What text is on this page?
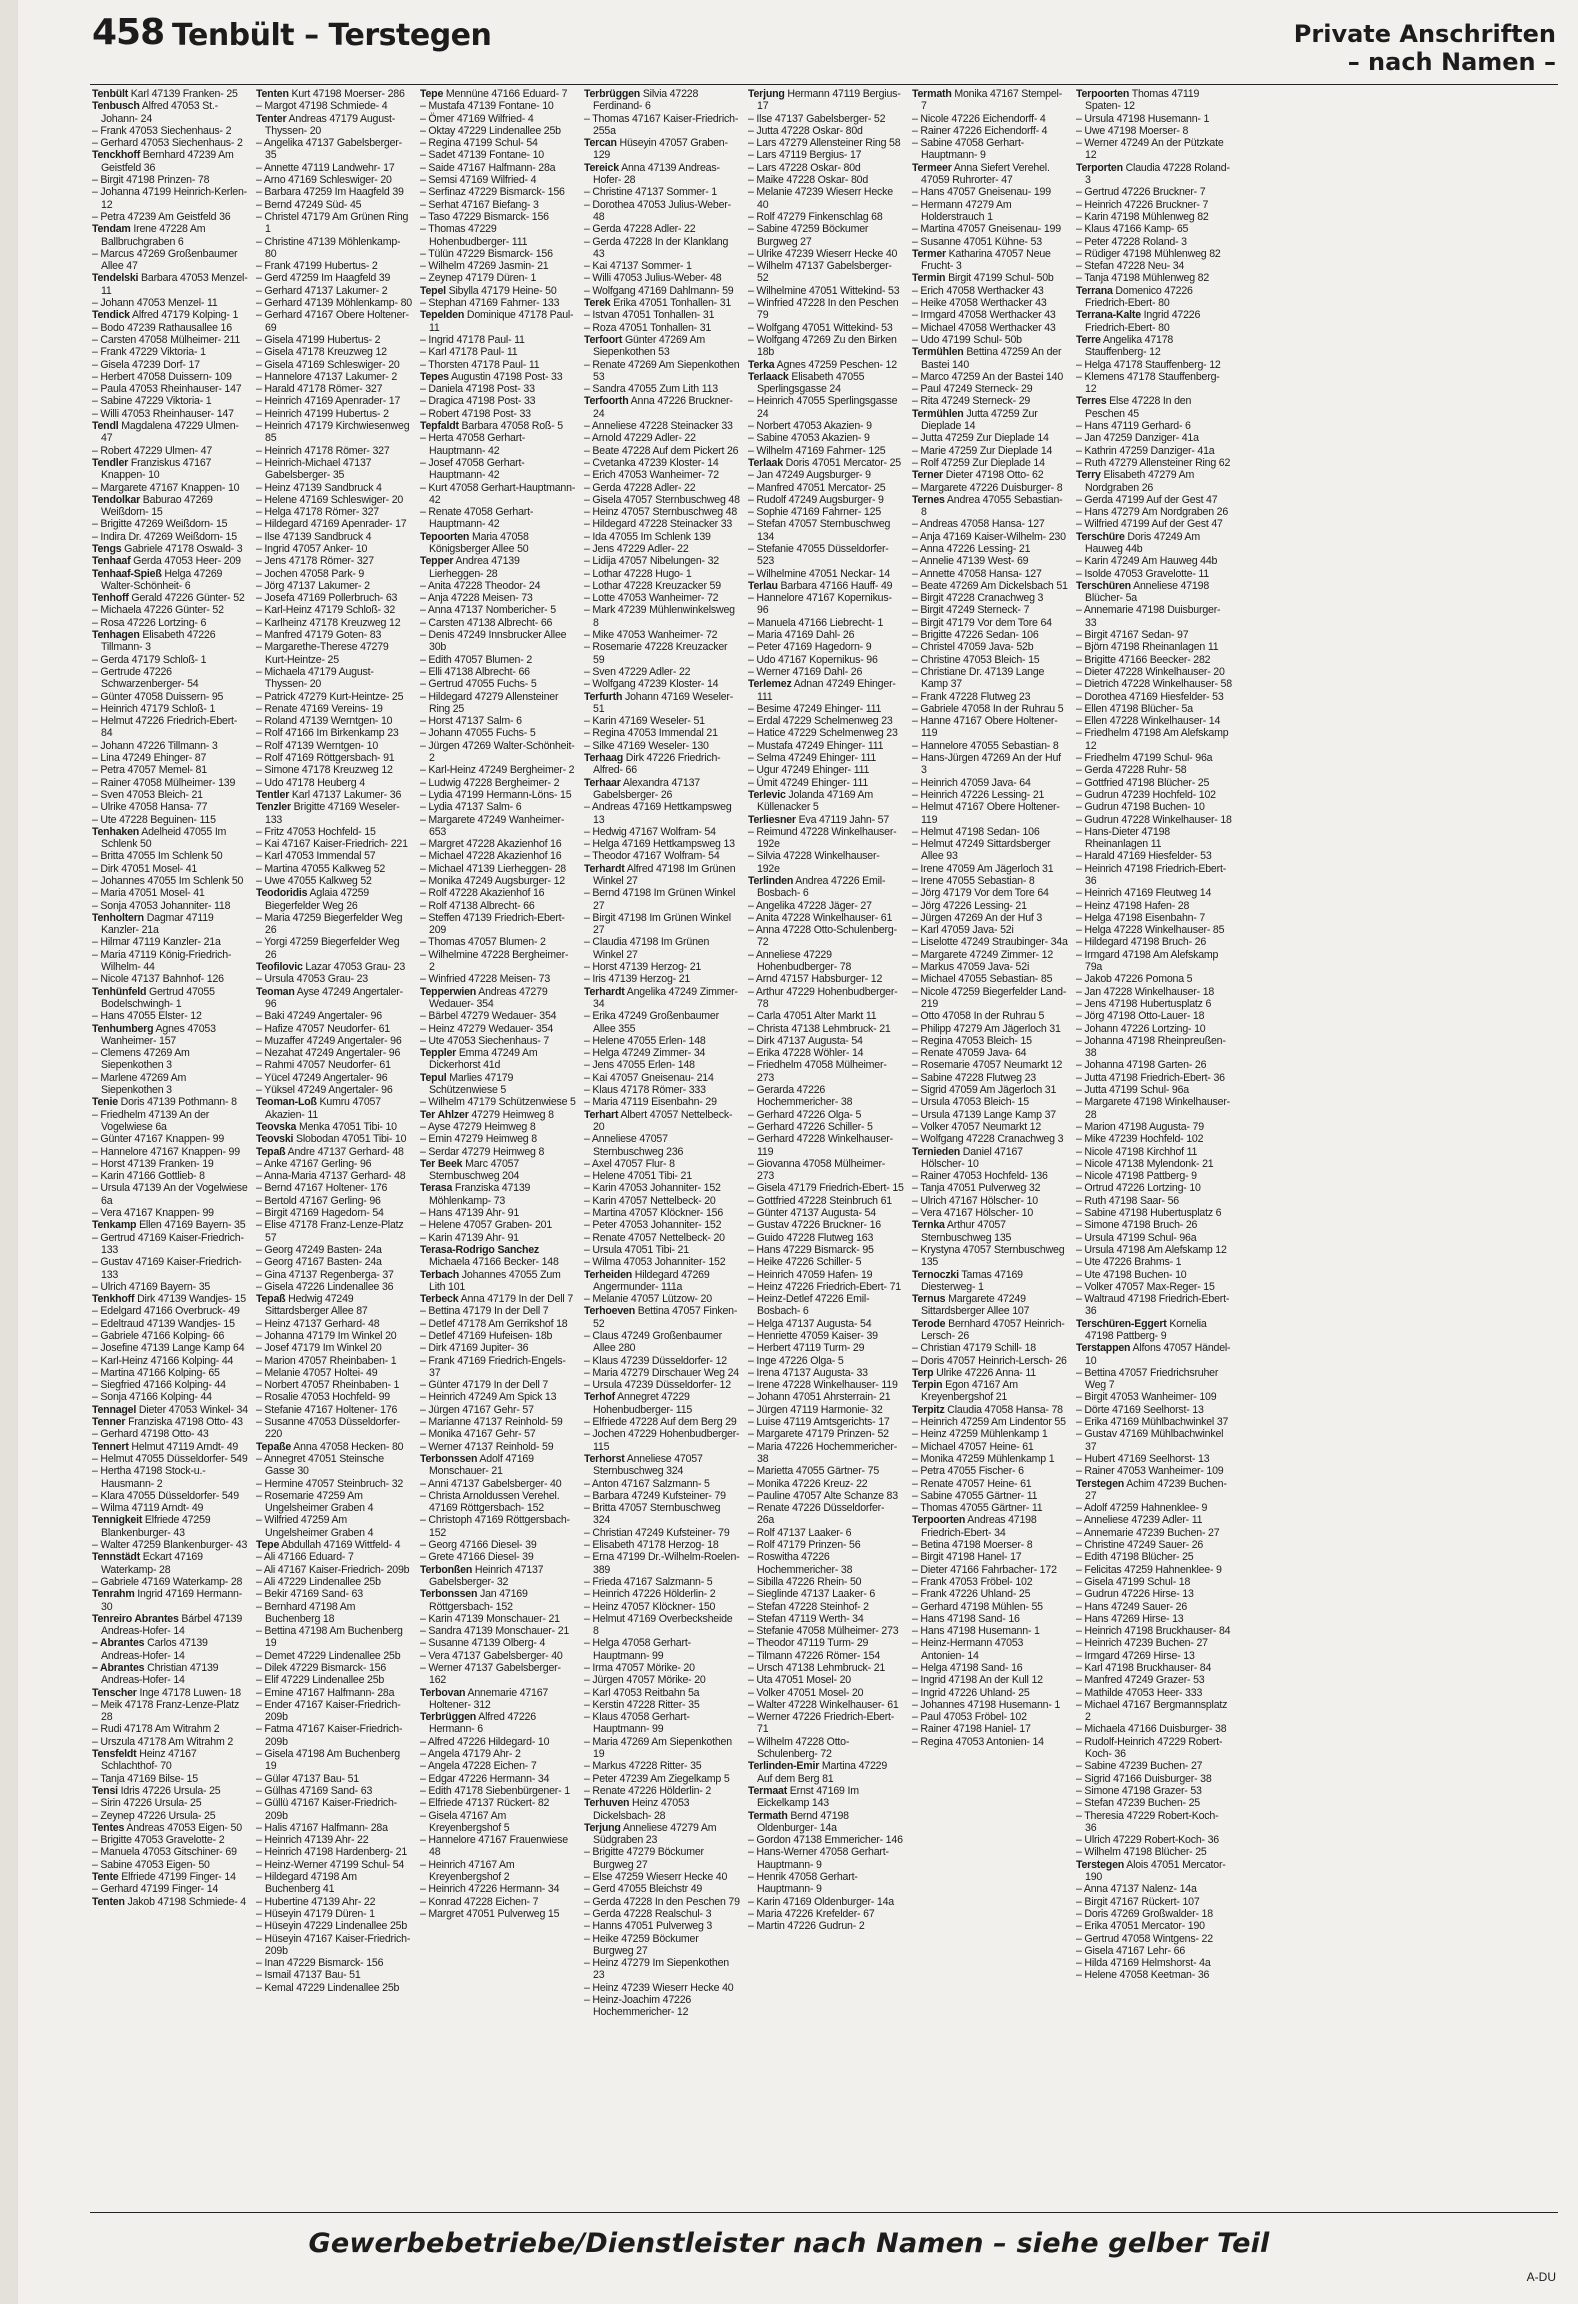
458 Tenbült – Terstegen	Private Anschriften
– nach Namen –

Tenbült Karl 47139 Franken- 25

Tenbusch Alfred 47053 St.-Johann- 24

– Frank 47053 Siechenhaus- 2

– Gerhard 47053 Siechenhaus- 2

Tenckhoff Bernhard 47239 Am Geistfeld 36

– Birgit 47198 Prinzen- 78

– Johanna 47199 Heinrich-Kerlen- 12

– Petra 47239 Am Geistfeld 36

Tendam Irene 47228 Am Ballbruchgraben 6

– Marcus 47269 Großenbaumer Allee 47

Tendelski Barbara 47053 Menzel- 11

– Johann 47053 Menzel- 11

Tendick Alfred 47179 Kolping- 1

– Bodo 47239 Rathausallee 16

– Carsten 47058 Mülheimer- 211

– Frank 47229 Viktoria- 1

– Gisela 47239 Dorf- 17

– Herbert 47058 Duissern- 109

– Paula 47053 Rheinhauser- 147

– Sabine 47229 Viktoria- 1

– Willi 47053 Rheinhauser- 147

Tendl Magdalena 47229 Ulmen- 47

– Robert 47229 Ulmen- 47

Tendler Franziskus 47167 Knappen- 10

– Margarete 47167 Knappen- 10

Tendolkar Baburao 47269 Weißdorn- 15

– Brigitte 47269 Weißdorn- 15

– Indira Dr. 47269 Weißdorn- 15

Tengs Gabriele 47178 Oswald- 3

Tenhaaf Gerda 47053 Heer- 209

Tenhaaf-Spieß Helga 47269 Walter-Schönheit- 6

Tenhoff Gerald 47226 Günter- 52

– Michaela 47226 Günter- 52

– Rosa 47226 Lortzing- 6

Tenhagen Elisabeth 47226 Tillmann- 3

– Gerda 47179 Schloß- 1

– Gertrude 47226 Schwarzenberger- 54

– Günter 47058 Duissern- 95

– Heinrich 47179 Schloß- 1

– Helmut 47226 Friedrich-Ebert- 84

– Johann 47226 Tillmann- 3

– Lina 47249 Ehinger- 87

– Petra 47057 Memel- 81

– Rainer 47058 Mülheimer- 139

– Sven 47053 Bleich- 21

– Ulrike 47058 Hansa- 77

– Ute 47228 Beguinen- 115

Tenhaken Adelheid 47055 Im Schlenk 50

– Britta 47055 Im Schlenk 50

– Dirk 47051 Mosel- 41

– Johannes 47055 Im Schlenk 50

– Maria 47051 Mosel- 41

– Sonja 47053 Johanniter- 118

Tenholtern Dagmar 47119 Kanzler- 21a

– Hilmar 47119 Kanzler- 21a

– Maria 47119 König-Friedrich-Wilhelm- 44

– Nicole 47137 Bahnhof- 126

Tenhünfeld Gertrud 47055 Bodelschwingh- 1

– Hans 47055 Elster- 12

Tenhumberg Agnes 47053 Wanheimer- 157

– Clemens 47269 Am Siepenkothen 3

– Marlene 47269 Am Siepenkothen 3

Tenie Doris 47139 Pothmann- 8

– Friedhelm 47139 An der Vogelwiese 6a

– Günter 47167 Knappen- 99

– Hannelore 47167 Knappen- 99

– Horst 47139 Franken- 19

– Karin 47166 Gottlieb- 8

– Ursula 47139 An der Vogelwiese 6a

– Vera 47167 Knappen- 99

Tenkamp Ellen 47169 Bayern- 35

– Gertrud 47169 Kaiser-Friedrich- 133

– Gustav 47169 Kaiser-Friedrich- 133

– Ulrich 47169 Bayern- 35

Tenkhoff Dirk 47139 Wandjes- 15

– Edelgard 47166 Overbruck- 49

– Edeltraud 47139 Wandjes- 15

– Gabriele 47166 Kolping- 66

– Josefine 47139 Lange Kamp 64

– Karl-Heinz 47166 Kolping- 44

– Martina 47166 Kolping- 65

– Siegfried 47166 Kolping- 44

– Sonja 47166 Kolping- 44

Tennagel Dieter 47053 Winkel- 34

Tenner Franziska 47198 Otto- 43

– Gerhard 47198 Otto- 43

Tennert Helmut 47119 Arndt- 49

– Helmut 47055 Düsseldorfer- 549

– Hertha 47198 Stock-u.-Hausmann- 2

– Klara 47055 Düsseldorfer- 549

– Wilma 47119 Arndt- 49

Tennigkeit Elfriede 47259 Blankenburger- 43

– Walter 47259 Blankenburger- 43

Tennstädt Eckart 47169 Waterkamp- 28

– Gabriele 47169 Waterkamp- 28

Tenrahm Ingrid 47169 Hermann- 30

Tenreiro Abrantes Bárbel 47139 Andreas-Hofer- 14

– Abrantes Carlos 47139 Andreas-Hofer- 14

– Abrantes Christian 47139 Andreas-Hofer- 14

Tenscher Inge 47178 Luwen- 18

– Meik 47178 Franz-Lenze-Platz 28

– Rudi 47178 Am Witrahm 2

– Urszula 47178 Am Witrahm 2

Tensfeldt Heinz 47167 Schlachthof- 70

– Tanja 47169 Bilse- 15

Tensi Idris 47226 Ursula- 25

– Sirin 47226 Ursula- 25

– Zeynep 47226 Ursula- 25

Tentes Andreas 47053 Eigen- 50

– Brigitte 47053 Gravelotte- 2

– Manuela 47053 Gitschiner- 69

– Sabine 47053 Eigen- 50

Tente Elfriede 47199 Finger- 14

– Gerhard 47199 Finger- 14

Tenten Jakob 47198 Schmiede- 4

Tenten Kurt 47198 Moerser- 286

– Margot 47198 Schmiede- 4

Tenter Andreas 47179 August-Thyssen- 20

– Angelika 47137 Gabelsberger- 35

– Annette 47119 Landwehr- 17

– Arno 47169 Schleswiger- 20

– Barbara 47259 Im Haagfeld 39

– Bernd 47249 Süd- 45

– Christel 47179 Am Grünen Ring 1

– Christine 47139 Möhlenkamp- 80

– Frank 47199 Hubertus- 2

– Gerd 47259 Im Haagfeld 39

– Gerhard 47137 Lakumer- 2

– Gerhard 47139 Möhlenkamp- 80

– Gerhard 47167 Obere Holtener- 69

– Gisela 47199 Hubertus- 2

– Gisela 47178 Kreuzweg 12

– Gisela 47169 Schleswiger- 20

– Hannelore 47137 Lakumer- 2

– Harald 47178 Römer- 327

– Heinrich 47169 Apenrader- 17

– Heinrich 47199 Hubertus- 2

– Heinrich 47179 Kirchwiesenweg 85

– Heinrich 47178 Römer- 327

– Heinrich-Michael 47137 Gabelsberger- 35

– Heinz 47139 Sandbruck 4

– Helene 47169 Schleswiger- 20

– Helga 47178 Römer- 327

– Hildegard 47169 Apenrader- 17

– Ilse 47139 Sandbruck 4

– Ingrid 47057 Anker- 10

– Jens 47178 Römer- 327

– Jochen 47058 Park- 9

– Jörg 47137 Lakumer- 2

– Josefa 47169 Pollerbruch- 63

– Karl-Heinz 47179 Schloß- 32

– Karlheinz 47178 Kreuzweg 12

– Manfred 47179 Goten- 83

– Margarethe-Therese 47279 Kurt-Heintze- 25

– Michaela 47179 August-Thyssen- 20

– Patrick 47279 Kurt-Heintze- 25

– Renate 47169 Vereins- 19

– Roland 47139 Werntgen- 10

– Rolf 47166 Im Birkenkamp 23

– Rolf 47139 Werntgen- 10

– Rolf 47169 Röttgersbach- 91

– Simone 47178 Kreuzweg 12

– Udo 47178 Heuberg 4

Tentler Karl 47137 Lakumer- 36

Tenzler Brigitte 47169 Weseler- 133

– Fritz 47053 Hochfeld- 15

– Kai 47167 Kaiser-Friedrich- 221

– Karl 47053 Immendal 57

– Martina 47055 Kalkweg 52

– Uwe 47055 Kalkweg 52

Teodoridis Aglaia 47259 Biegerfelder Weg 26

– Maria 47259 Biegerfelder Weg 26

– Yorgi 47259 Biegerfelder Weg 26

Teofilovic Lazar 47053 Grau- 23

– Ursula 47053 Grau- 23

Teoman Ayse 47249 Angertaler- 96

– Baki 47249 Angertaler- 96

– Hafize 47057 Neudorfer- 61

– Muzaffer 47249 Angertaler- 96

– Nezahat 47249 Angertaler- 96

– Rahmi 47057 Neudorfer- 61

– Yücel 47249 Angertaler- 96

– Yüksel 47249 Angertaler- 96

Teoman-Loß Kumru 47057 Akazien- 11

Teovska Menka 47051 Tibi- 10

Teovski Slobodan 47051 Tibi- 10

Tepaß Andre 47137 Gerhard- 48

– Anke 47167 Gerling- 96

– Anna-Maria 47137 Gerhard- 48

– Bernd 47167 Holtener- 176

– Bertold 47167 Gerling- 96

– Birgit 47169 Hagedorn- 54

– Elise 47178 Franz-Lenze-Platz 57

– Georg 47249 Basten- 24a

– Georg 47167 Basten- 24a

– Gina 47137 Regenberga- 37

– Gisela 47226 Lindenallee 36

Tepaß Hedwig 47249 Sittardsberger Allee 87

– Heinz 47137 Gerhard- 48

– Johanna 47179 Im Winkel 20

– Josef 47179 Im Winkel 20

– Marion 47057 Rheinbaben- 1

– Melanie 47057 Holtei- 49

– Norbert 47057 Rheinbaben- 1

– Rosalie 47053 Hochfeld- 99

– Stefanie 47167 Holtener- 176

– Susanne 47053 Düsseldorfer- 220

Tepaße Anna 47058 Hecken- 80

– Annegret 47051 Steinsche Gasse 30

– Hermine 47057 Steinbruch- 32

– Rosemarie 47259 Am Ungelsheimer Graben 4

– Wilfried 47259 Am Ungelsheimer Graben 4

Tepe Abdullah 47169 Wittfeld- 4

– Ali 47166 Eduard- 7

– Ali 47167 Kaiser-Friedrich- 209b

– Ali 47229 Lindenallee 25b

– Bekir 47169 Sand- 63

– Bernhard 47198 Am Buchenberg 18

– Bettina 47198 Am Buchenberg 19

– Demet 47229 Lindenallee 25b

– Dilek 47229 Bismarck- 156

– Elif 47229 Lindenallee 25b

– Emine 47167 Halfmann- 28a

– Ender 47167 Kaiser-Friedrich- 209b

– Fatma 47167 Kaiser-Friedrich- 209b

– Gisela 47198 Am Buchenberg 19

– Gülər 47137 Bau- 51

– Gülhas 47169 Sand- 63

– Güllü 47167 Kaiser-Friedrich- 209b

– Halis 47167 Halfmann- 28a

– Heinrich 47139 Ahr- 22

– Heinrich 47198 Hardenberg- 21

– Heinz-Werner 47199 Schul- 54

– Hildegard 47198 Am Buchenberg 41

– Hubertine 47139 Ahr- 22

– Hüseyin 47179 Düren- 1

– Hüseyin 47229 Lindenallee 25b

– Hüseyin 47167 Kaiser-Friedrich- 209b

– Inan 47229 Bismarck- 156

– Ismail 47137 Bau- 51

– Kemal 47229 Lindenallee 25b

Tepe Mennüne 47166 Eduard- 7

– Mustafa 47139 Fontane- 10

– Ömer 47169 Wilfried- 4

– Oktay 47229 Lindenallee 25b

– Regina 47199 Schul- 54

– Sadet 47139 Fontane- 10

– Saide 47167 Halfmann- 28a

– Semsi 47169 Wilfried- 4

– Serfinaz 47229 Bismarck- 156

– Serhat 47167 Biefang- 3

– Taso 47229 Bismarck- 156

– Thomas 47229 Hohenbudberger- 111

– Tülün 47229 Bismarck- 156

– Wilhelm 47269 Jasmin- 21

– Zeynep 47179 Düren- 1

Tepel Sibylla 47179 Heine- 50

– Stephan 47169 Fahrner- 133

Tepelden Dominique 47178 Paul- 11

– Ingrid 47178 Paul- 11

– Karl 47178 Paul- 11

– Thorsten 47178 Paul- 11

Tepes Augustin 47198 Post- 33

– Daniela 47198 Post- 33

– Dragica 47198 Post- 33

– Robert 47198 Post- 33

Tepfaldt Barbara 47058 Roß- 5

– Herta 47058 Gerhart-Hauptmann- 42

– Josef 47058 Gerhart-Hauptmann- 42

– Kurt 47058 Gerhart-Hauptmann- 42

– Renate 47058 Gerhart-Hauptmann- 42

Tepoorten Maria 47058 Königsberger Allee 50

Tepper Andrea 47139 Lierheggen- 28

– Anita 47228 Theodor- 24

– Anja 47228 Meisen- 73

– Anna 47137 Nombericher- 5

– Carsten 47138 Albrecht- 66

– Denis 47249 Innsbrucker Allee 30b

– Edith 47057 Blumen- 2

– Elli 47138 Albrecht- 66

– Gertrud 47055 Fuchs- 5

– Hildegard 47279 Allensteiner Ring 25

– Horst 47137 Salm- 6

– Johann 47055 Fuchs- 5

– Jürgen 47269 Walter-Schönheit- 2

– Karl-Heinz 47249 Bergheimer- 2

– Ludwig 47228 Bergheimer- 2

– Lydia 47199 Hermann-Löns- 15

– Lydia 47137 Salm- 6

– Margarete 47249 Wanheimer- 653

– Margret 47228 Akazienhof 16

– Michael 47228 Akazienhof 16

– Michael 47139 Lierheggen- 28

– Monika 47249 Augsburger- 12

– Rolf 47228 Akazienhof 16

– Rolf 47138 Albrecht- 66

– Steffen 47139 Friedrich-Ebert- 209

– Thomas 47057 Blumen- 2

– Wilhelmine 47228 Bergheimer- 2

– Winfried 47228 Meisen- 73

Tepperwien Andreas 47279 Wedauer- 354

– Bärbel 47279 Wedauer- 354

– Heinz 47279 Wedauer- 354

– Ute 47053 Siechenhaus- 7

Teppler Emma 47249 Am Dickerhorst 41d

Tepul Marlies 47179 Schützenwiese 5

– Wilhelm 47179 Schützenwiese 5

Ter Ahlzer 47279 Heimweg 8

– Ayse 47279 Heimweg 8

– Emin 47279 Heimweg 8

– Serdar 47279 Heimweg 8

Ter Beek Marc 47057 Sternbuschweg 204

Terasa Franziska 47139 Möhlenkamp- 73

– Hans 47139 Ahr- 91

– Helene 47057 Graben- 201

– Karin 47139 Ahr- 91

Terasa-Rodrigo Sanchez Michaela 47166 Becker- 148

Terbach Johannes 47055 Zum Lith 101

Terbeck Anna 47179 In der Dell 7

– Bettina 47179 In der Dell 7

– Detlef 47178 Am Gerrikshof 18

– Detlef 47169 Hufeisen- 18b

– Dirk 47169 Jupiter- 36

– Frank 47169 Friedrich-Engels- 37

– Günter 47179 In der Dell 7

– Heinrich 47249 Am Spick 13

– Jürgen 47167 Gehr- 57

– Marianne 47137 Reinhold- 59

– Monika 47167 Gehr- 57

– Werner 47137 Reinhold- 59

Terbonssen Adolf 47169 Monschauer- 21

– Anni 47137 Gabelsberger- 40

– Christa Arnoldussen Verehel. 47169 Röttgersbach- 152

– Christoph 47169 Röttgersbach- 152

– Georg 47166 Diesel- 39

– Grete 47166 Diesel- 39

Terbonßen Heinrich 47137 Gabelsberger- 32

Terbonssen Jan 47169 Röttgersbach- 152

– Karin 47139 Monschauer- 21

– Sandra 47139 Monschauer- 21

– Susanne 47139 Olberg- 4

– Vera 47137 Gabelsberger- 40

– Werner 47137 Gabelsberger- 162

Terbovan Annemarie 47167 Holtener- 312

Terbrüggen Alfred 47226 Hermann- 6

– Alfred 47226 Hildegard- 10

– Angela 47179 Ahr- 2

– Angela 47228 Eichen- 7

– Edgar 47226 Hermann- 34

– Edith 47178 Siebenbürgener- 1

– Elfriede 47137 Rückert- 82

– Gisela 47167 Am Kreyenbergshof 5

– Hannelore 47167 Frauenwiese 48

– Heinrich 47167 Am Kreyenbergshof 2

– Heinrich 47226 Hermann- 34

– Konrad 47228 Eichen- 7

– Margret 47051 Pulverweg 15

Terbrüggen Silvia 47228 Ferdinand- 6

– Thomas 47167 Kaiser-Friedrich- 255a

Tercan Hüseyin 47057 Graben- 129

Tereick Anna 47139 Andreas-Hofer- 28

– Christine 47137 Sommer- 1

– Dorothea 47053 Julius-Weber- 48

– Gerda 47228 Adler- 22

– Gerda 47228 In der Klanklang 43

– Kai 47137 Sommer- 1

– Willi 47053 Julius-Weber- 48

– Wolfgang 47169 Dahlmann- 59

Terek Erika 47051 Tonhallen- 31

– Istvan 47051 Tonhallen- 31

– Roza 47051 Tonhallen- 31

Terfoort Günter 47269 Am Siepenkothen 53

– Renate 47269 Am Siepenkothen 53

– Sandra 47055 Zum Lith 113

Terfoorth Anna 47226 Bruckner- 24

– Anneliese 47228 Steinacker 33

– Arnold 47229 Adler- 22

– Beate 47228 Auf dem Pickert 26

– Cvetanka 47239 Kloster- 14

– Erich 47053 Wanheimer- 72

– Gerda 47228 Adler- 22

– Gisela 47057 Sternbuschweg 48

– Heinz 47057 Sternbuschweg 48

– Hildegard 47228 Steinacker 33

– Ida 47055 Im Schlenk 139

– Jens 47229 Adler- 22

– Lidija 47057 Nibelungen- 32

– Lothar 47228 Hugo- 1

– Lothar 47228 Kreuzacker 59

– Lotte 47053 Wanheimer- 72

– Mark 47239 Mühlenwinkelsweg 8

– Mike 47053 Wanheimer- 72

– Rosemarie 47228 Kreuzacker 59

– Sven 47229 Adler- 22

– Wolfgang 47239 Kloster- 14

Terfurth Johann 47169 Weseler- 51

– Karin 47169 Weseler- 51

– Regina 47053 Immendal 21

– Silke 47169 Weseler- 130

Terhaag Dirk 47226 Friedrich-Alfred- 66

Terhaar Alexandra 47137 Gabelsberger- 26

– Andreas 47169 Hettkampsweg 13

– Hedwig 47167 Wolfram- 54

– Helga 47169 Hettkampsweg 13

– Theodor 47167 Wolfram- 54

Terhardt Alfred 47198 Im Grünen Winkel 27

– Bernd 47198 Im Grünen Winkel 27

– Birgit 47198 Im Grünen Winkel 27

– Claudia 47198 Im Grünen Winkel 27

– Horst 47139 Herzog- 21

– Iris 47139 Herzog- 21

Terhardt Angelika 47249 Zimmer- 34

– Erika 47249 Großenbaumer Allee 355

– Helene 47055 Erlen- 148

– Helga 47249 Zimmer- 34

– Jens 47055 Erlen- 148

– Kai 47057 Gneisenau- 214

– Klaus 47178 Römer- 333

– Maria 47119 Eisenbahn- 29

Terhart Albert 47057 Nettelbeck- 20

– Anneliese 47057 Sternbuschweg 236

– Axel 47057 Flur- 8

– Helene 47051 Tibi- 21

– Karin 47053 Johanniter- 152

– Karin 47057 Nettelbeck- 20

– Martina 47057 Klöckner- 156

– Peter 47053 Johanniter- 152

– Renate 47057 Nettelbeck- 20

– Ursula 47051 Tibi- 21

– Wilma 47053 Johanniter- 152

Terheiden Hildegard 47269 Angermunder- 111a

– Melanie 47057 Lützow- 20

Terhoeven Bettina 47057 Finken- 52

– Claus 47249 Großenbaumer Allee 280

– Klaus 47239 Düsseldorfer- 12

– Maria 47279 Dirschauer Weg 24

– Ursula 47239 Düsseldorfer- 12

Terhof Annegret 47229 Hohenbudberger- 115

– Elfriede 47228 Auf dem Berg 29

– Jochen 47229 Hohenbudberger- 115

Terhorst Anneliese 47057 Sternbuschweg 324

– Anton 47167 Salzmann- 5

– Barbara 47249 Kufsteiner- 79

– Britta 47057 Sternbuschweg 324

– Christian 47249 Kufsteiner- 79

– Elisabeth 47178 Herzog- 18

– Erna 47199 Dr.-Wilhelm-Roelen- 389

– Frieda 47167 Salzmann- 5

– Heinrich 47226 Hölderlin- 2

– Heinz 47057 Klöckner- 150

– Helmut 47169 Overbecksheide 8

– Helga 47058 Gerhart-Hauptmann- 99

– Irma 47057 Mörike- 20

– Jürgen 47057 Mörike- 20

– Karl 47053 Reitbahn 5a

– Kerstin 47228 Ritter- 35

– Klaus 47058 Gerhart-Hauptmann- 99

– Maria 47269 Am Siepenkothen 19

– Markus 47228 Ritter- 35

– Peter 47239 Am Ziegelkamp 5

– Renate 47226 Hölderlin- 2

Terhuven Heinz 47053 Dickelsbach- 28

Terjung Anneliese 47279 Am Südgraben 23

– Brigitte 47279 Böckumer Burgweg 27

– Else 47259 Wieserr Hecke 40

– Gerd 47055 Bleichstr 49

– Gerda 47228 In den Peschen 79

– Gerda 47228 Realschul- 3

– Hanns 47051 Pulverweg 3

– Heike 47259 Böckumer Burgweg 27

– Heinz 47279 Im Siepenkothen 23

– Heinz 47239 Wieserr Hecke 40

– Heinz-Joachim 47226 Hochemmericher- 12

Terjung Hermann 47119 Bergius- 17

– Ilse 47137 Gabelsberger- 52

– Jutta 47228 Oskar- 80d

– Lars 47279 Allensteiner Ring 58

– Lars 47119 Bergius- 17

– Lars 47228 Oskar- 80d

– Maike 47228 Oskar- 80d

– Melanie 47239 Wieserr Hecke 40

– Rolf 47279 Finkenschlag 68

– Sabine 47259 Böckumer Burgweg 27

– Ulrike 47239 Wieserr Hecke 40

– Wilhelm 47137 Gabelsberger- 52

– Wilhelmine 47051 Wittekind- 53

– Winfried 47228 In den Peschen 79

– Wolfgang 47051 Wittekind- 53

– Wolfgang 47269 Zu den Birken 18b

Terka Agnes 47259 Peschen- 12

Terlaack Elisabeth 47055 Sperlingsgasse 24

– Heinrich 47055 Sperlingsgasse 24

– Norbert 47053 Akazien- 9

– Sabine 47053 Akazien- 9

– Wilhelm 47169 Fahrner- 125

Terlaak Doris 47051 Mercator- 25

– Jan 47249 Augsburger- 9

– Manfred 47051 Mercator- 25

– Rudolf 47249 Augsburger- 9

– Sophie 47169 Fahrner- 125

– Stefan 47057 Sternbuschweg 134

– Stefanie 47055 Düsseldorfer- 523

– Wilhelmine 47051 Neckar- 14

Terlau Barbara 47166 Hauff- 49

– Hannelore 47167 Kopernikus- 96

– Manuela 47166 Liebrecht- 1

– Maria 47169 Dahl- 26

– Peter 47169 Hagedorn- 9

– Udo 47167 Kopernikus- 96

– Werner 47169 Dahl- 26

Terlemez Adnan 47249 Ehinger- 111

– Besime 47249 Ehinger- 111

– Erdal 47229 Schelmenweg 23

– Hatice 47229 Schelmenweg 23

– Mustafa 47249 Ehinger- 111

– Selma 47249 Ehinger- 111

– Ugur 47249 Ehinger- 111

– Ümit 47249 Ehinger- 111

Terlevic Jolanda 47169 Am Küllenacker 5

Terliesner Eva 47119 Jahn- 57

– Reimund 47228 Winkelhauser- 192e

– Silvia 47228 Winkelhauser- 192e

Terlinden Andrea 47226 Emil-Bosbach- 6

– Angelika 47228 Jäger- 27

– Anita 47228 Winkelhauser- 61

– Anna 47228 Otto-Schulenberg- 72

– Anneliese 47229 Hohenbudberger- 78

– Arnd 47157 Habsburger- 12

– Arthur 47229 Hohenbudberger- 78

– Carla 47051 Alter Markt 11

– Christa 47138 Lehmbruck- 21

– Dirk 47137 Augusta- 54

– Erika 47228 Wöhler- 14

– Friedhelm 47058 Mülheimer- 273

– Gerarda 47226 Hochemmericher- 38

– Gerhard 47226 Olga- 5

– Gerhard 47226 Schiller- 5

– Gerhard 47228 Winkelhauser- 119

– Giovanna 47058 Mülheimer- 273

– Gisela 47179 Friedrich-Ebert- 15

– Gottfried 47228 Steinbruch 61

– Günter 47137 Augusta- 54

– Gustav 47226 Bruckner- 16

– Guido 47228 Flutweg 163

– Hans 47229 Bismarck- 95

– Heike 47226 Schiller- 5

– Heinrich 47059 Hafen- 19

– Heinz 47226 Friedrich-Ebert- 71

– Heinz-Detlef 47226 Emil-Bosbach- 6

– Helga 47137 Augusta- 54

– Henriette 47059 Kaiser- 39

– Herbert 47119 Turm- 29

– Inge 47226 Olga- 5

– Irena 47137 Augusta- 33

– Irene 47228 Winkelhauser- 119

– Johann 47051 Ahrsterrain- 21

– Jürgen 47119 Harmonie- 32

– Luise 47119 Amtsgerichts- 17

– Margarete 47179 Prinzen- 52

– Maria 47226 Hochemmericher- 38

– Marietta 47055 Gärtner- 75

– Monika 47226 Kreuz- 22

– Pauline 47057 Alte Schanze 83

– Renate 47226 Düsseldorfer- 26a

– Rolf 47137 Laaker- 6

– Rolf 47179 Prinzen- 56

– Roswitha 47226 Hochemmericher- 38

– Sibilla 47226 Rhein- 50

– Sieglinde 47137 Laaker- 6

– Stefan 47228 Steinhof- 2

– Stefan 47119 Werth- 34

– Stefanie 47058 Mülheimer- 273

– Theodor 47119 Turm- 29

– Tilmann 47226 Römer- 154

– Ursch 47138 Lehmbruck- 21

– Uta 47051 Mosel- 20

– Volker 47051 Mosel- 20

– Walter 47228 Winkelhauser- 61

– Werner 47226 Friedrich-Ebert- 71

– Wilhelm 47228 Otto-Schulenberg- 72

Terlinden-Emir Martina 47229 Auf dem Berg 81

Termaat Ernst 47169 Im Eickelkamp 143

Termath Bernd 47198 Oldenburger- 14a

– Gordon 47138 Emmericher- 146

– Hans-Werner 47058 Gerhart-Hauptmann- 9

– Henrik 47058 Gerhart-Hauptmann- 9

– Karin 47169 Oldenburger- 14a

– Maria 47226 Krefelder- 67

– Martin 47226 Gudrun- 2

Termath Monika 47167 Stempel- 7

– Nicole 47226 Eichendorff- 4

– Rainer 47226 Eichendorff- 4

– Sabine 47058 Gerhart-Hauptmann- 9

Termeer Anna Siefert Verehel. 47059 Ruhrorter- 47

– Hans 47057 Gneisenau- 199

– Hermann 47279 Am Holderstrauch 1

– Martina 47057 Gneisenau- 199

– Susanne 47051 Kühne- 53

Termer Katharina 47057 Neue Frucht- 3

Termin Birgit 47199 Schul- 50b

– Erich 47058 Werthacker 43

– Heike 47058 Werthacker 43

– Irmgard 47058 Werthacker 43

– Michael 47058 Werthacker 43

– Udo 47199 Schul- 50b

Termühlen Bettina 47259 An der Bastei 140

– Marco 47259 An der Bastei 140

– Paul 47249 Sterneck- 29

– Rita 47249 Sterneck- 29

Termühlen Jutta 47259 Zur Dieplade 14

– Jutta 47259 Zur Dieplade 14

– Marie 47259 Zur Dieplade 14

– Rolf 47259 Zur Dieplade 14

Terner Dieter 47198 Otto- 62

– Margarete 47226 Duisburger- 8

Ternes Andrea 47055 Sebastian- 8

– Andreas 47058 Hansa- 127

– Anja 47169 Kaiser-Wilhelm- 230

– Anna 47226 Lessing- 21

– Annelie 47139 West- 69

– Annette 47058 Hansa- 127

– Beate 47269 Am Dickelsbach 51

– Birgit 47228 Cranachweg 3

– Birgit 47249 Sterneck- 7

– Birgit 47179 Vor dem Tore 64

– Brigitte 47226 Sedan- 106

– Christel 47059 Java- 52b

– Christine 47053 Bleich- 15

– Christiane Dr. 47139 Lange Kamp 37

– Frank 47228 Flutweg 23

– Gabriele 47058 In der Ruhrau 5

– Hanne 47167 Obere Holtener- 119

– Hannelore 47055 Sebastian- 8

– Hans-Jürgen 47269 An der Huf 3

– Heinrich 47059 Java- 64

– Heinrich 47226 Lessing- 21

– Helmut 47167 Obere Holtener- 119

– Helmut 47198 Sedan- 106

– Helmut 47249 Sittardsberger Allee 93

– Irene 47059 Am Jägerloch 31

– Irene 47055 Sebastian- 8

– Jörg 47179 Vor dem Tore 64

– Jörg 47226 Lessing- 21

– Jürgen 47269 An der Huf 3

– Karl 47059 Java- 52i

– Liselotte 47249 Straubinger- 34a

– Margarete 47249 Zimmer- 12

– Markus 47059 Java- 52i

– Michael 47055 Sebastian- 85

– Nicole 47259 Biegerfelder Land- 219

– Otto 47058 In der Ruhrau 5

– Philipp 47279 Am Jägerloch 31

– Regina 47053 Bleich- 15

– Renate 47059 Java- 64

– Rosemarie 47057 Neumarkt 12

– Sabine 47228 Flutweg 23

– Sigrid 47059 Am Jägerloch 31

– Ursula 47053 Bleich- 15

– Ursula 47139 Lange Kamp 37

– Volker 47057 Neumarkt 12

– Wolfgang 47228 Cranachweg 3

Ternieden Daniel 47167 Hölscher- 10

– Rainer 47053 Hochfeld- 136

– Tanja 47051 Pulverweg 32

– Ulrich 47167 Hölscher- 10

– Vera 47167 Hölscher- 10

Ternka Arthur 47057 Sternbuschweg 135

– Krystyna 47057 Sternbuschweg 135

Ternoczki Tamas 47169 Diesterweg- 1

Ternus Margarete 47249 Sittardsberger Allee 107

Terode Bernhard 47057 Heinrich-Lersch- 26

– Christian 47179 Schill- 18

– Doris 47057 Heinrich-Lersch- 26

Terp Ulrike 47226 Anna- 11

Terpin Egon 47167 Am Kreyenbergshof 21

Terpitz Claudia 47058 Hansa- 78

– Heinrich 47259 Am Lindentor 55

– Heinz 47259 Mühlenkamp 1

– Michael 47057 Heine- 61

– Monika 47259 Mühlenkamp 1

– Petra 47055 Fischer- 6

– Renate 47057 Heine- 61

– Sabine 47055 Gärtner- 11

– Thomas 47055 Gärtner- 11

Terpoorten Andreas 47198 Friedrich-Ebert- 34

– Betina 47198 Moerser- 8

– Birgit 47198 Hanel- 17

– Dieter 47166 Fahrbacher- 172

– Frank 47053 Fröbel- 102

– Frank 47226 Uhland- 25

– Gerhard 47198 Mühlen- 55

– Hans 47198 Sand- 16

– Hans 47198 Husemann- 1

– Heinz-Hermann 47053 Antonien- 14

– Helga 47198 Sand- 16

– Ingrid 47198 An der Kull 12

– Ingrid 47226 Uhland- 25

– Johannes 47198 Husemann- 1

– Paul 47053 Fröbel- 102

– Rainer 47198 Haniel- 17

– Regina 47053 Antonien- 14

Terpoorten Thomas 47119 Spaten- 12

– Ursula 47198 Husemann- 1

– Uwe 47198 Moerser- 8

– Werner 47249 An der Pützkate 12

Terporten Claudia 47228 Roland- 3

– Gertrud 47226 Bruckner- 7

– Heinrich 47226 Bruckner- 7

– Karin 47198 Mühlenweg 82

– Klaus 47166 Kamp- 65

– Peter 47228 Roland- 3

– Rüdiger 47198 Mühlenweg 82

– Stefan 47228 Neu- 34

– Tanja 47198 Mühlenweg 82

Terrana Domenico 47226 Friedrich-Ebert- 80

Terrana-Kalte Ingrid 47226 Friedrich-Ebert- 80

Terre Angelika 47178 Stauffenberg- 12

– Helga 47178 Stauffenberg- 12

– Klemens 47178 Stauffenberg- 12

Terres Else 47228 In den Peschen 45

– Hans 47119 Gerhard- 6

– Jan 47259 Danziger- 41a

– Kathrin 47259 Danziger- 41a

– Ruth 47279 Allensteiner Ring 62

Terry Elisabeth 47279 Am Nordgraben 26

– Gerda 47199 Auf der Gest 47

– Hans 47279 Am Nordgraben 26

– Wilfried 47199 Auf der Gest 47

Terschüre Doris 47249 Am Hauweg 44b

– Karin 47249 Am Hauweg 44b

– Isolde 47053 Gravelotte- 11

Terschüren Anneliese 47198 Blücher- 5a

– Annemarie 47198 Duisburger- 33

– Birgit 47167 Sedan- 97

– Björn 47198 Rheinanlagen 11

– Brigitte 47166 Beecker- 282

– Dieter 47228 Winkelhauser- 20

– Dietrich 47228 Winkelhauser- 58

– Dorothea 47169 Hiesfelder- 53

– Ellen 47198 Blücher- 5a

– Ellen 47228 Winkelhauser- 14

– Friedhelm 47198 Am Alefskamp 12

– Friedhelm 47199 Schul- 96a

– Gerda 47228 Ruhr- 58

– Gottfried 47198 Blücher- 25

– Gudrun 47239 Hochfeld- 102

– Gudrun 47198 Buchen- 10

– Gudrun 47228 Winkelhauser- 18

– Hans-Dieter 47198 Rheinanlagen 11

– Harald 47169 Hiesfelder- 53

– Heinrich 47198 Friedrich-Ebert- 36

– Heinrich 47169 Fleutweg 14

– Heinz 47198 Hafen- 28

– Helga 47198 Eisenbahn- 7

– Helga 47228 Winkelhauser- 85

– Hildegard 47198 Bruch- 26

– Irmgard 47198 Am Alefskamp 79a

– Jakob 47226 Pomona 5

– Jan 47228 Winkelhauser- 18

– Jens 47198 Hubertusplatz 6

– Jörg 47198 Otto-Lauer- 18

– Johann 47226 Lortzing- 10

– Johanna 47198 Rheinpreußen- 38

– Johanna 47198 Garten- 26

– Jutta 47198 Friedrich-Ebert- 36

– Jutta 47199 Schul- 96a

– Margarete 47198 Winkelhauser- 28

– Marion 47198 Augusta- 79

– Mike 47239 Hochfeld- 102

– Nicole 47198 Kirchhof 11

– Nicole 47138 Mylendonk- 21

– Nicole 47198 Pattberg- 9

– Ortrud 47226 Lortzing- 10

– Ruth 47198 Saar- 56

– Sabine 47198 Hubertusplatz 6

– Simone 47198 Bruch- 26

– Ursula 47199 Schul- 96a

– Ursula 47198 Am Alefskamp 12

– Ute 47226 Brahms- 1

– Ute 47198 Buchen- 10

– Volker 47057 Max-Reger- 15

– Waltraud 47198 Friedrich-Ebert- 36

Terschüren-Eggert Kornelia 47198 Pattberg- 9

Terstappen Alfons 47057 Händel- 10

– Bettina 47057 Friedrichsruher Weg 7

– Birgit 47053 Wanheimer- 109

– Dörte 47169 Seelhorst- 13

– Erika 47169 Mühlbachwinkel 37

– Gustav 47169 Mühlbachwinkel 37

– Hubert 47169 Seelhorst- 13

– Rainer 47053 Wanheimer- 109

Terstegen Achim 47239 Buchen- 27

– Adolf 47259 Hahnenklee- 9

– Anneliese 47239 Adler- 11

– Annemarie 47239 Buchen- 27

– Christine 47249 Sauer- 26

– Edith 47198 Blücher- 25

– Felicitas 47259 Hahnenklee- 9

– Gisela 47199 Schul- 18

– Gudrun 47226 Hirse- 13

– Hans 47249 Sauer- 26

– Hans 47269 Hirse- 13

– Heinrich 47198 Bruckhauser- 84

– Heinrich 47239 Buchen- 27

– Irmgard 47269 Hirse- 13

– Karl 47198 Bruckhauser- 84

– Manfred 47249 Grazer- 53

– Mathilde 47053 Heer- 333

– Michael 47167 Bergmannsplatz 2

– Michaela 47166 Duisburger- 38

– Rudolf-Heinrich 47229 Robert-Koch- 36

– Sabine 47239 Buchen- 27

– Sigrid 47166 Duisburger- 38

– Simone 47198 Grazer- 53

– Stefan 47239 Buchen- 25

– Theresia 47229 Robert-Koch- 36

– Ulrich 47229 Robert-Koch- 36

– Wilhelm 47198 Blücher- 25

Terstegen Alois 47051 Mercator- 190

– Anna 47137 Nalenz- 14a

– Birgit 47167 Rückert- 107

– Doris 47269 Großwalder- 18

– Erika 47051 Mercator- 190

– Gertrud 47058 Wintgens- 22

– Gisela 47167 Lehr- 66

– Hilda 47169 Helmshorst- 4a

– Helene 47058 Keetman- 36

Gewerbebetriebe/Dienstleister nach Namen – siehe gelber Teil
A-DU
